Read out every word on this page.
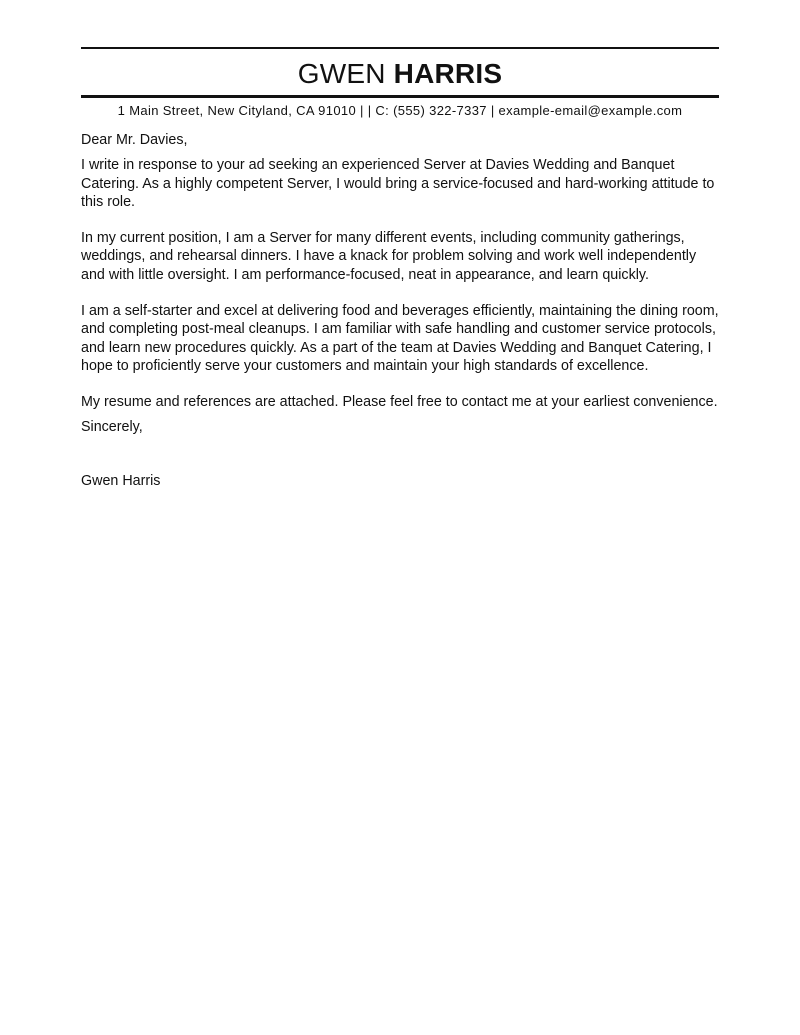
GWEN HARRIS
1 Main Street, New Cityland, CA 91010 | | C: (555) 322-7337 | example-email@example.com

Dear Mr. Davies,

I write in response to your ad seeking an experienced Server at Davies Wedding and Banquet Catering. As a highly competent Server, I would bring a service-focused and hard-working attitude to this role.

In my current position, I am a Server for many different events, including community gatherings, weddings, and rehearsal dinners. I have a knack for problem solving and work well independently and with little oversight. I am performance-focused, neat in appearance, and learn quickly.

I am a self-starter and excel at delivering food and beverages efficiently, maintaining the dining room, and completing post-meal cleanups. I am familiar with safe handling and customer service protocols, and learn new procedures quickly. As a part of the team at Davies Wedding and Banquet Catering, I hope to proficiently serve your customers and maintain your high standards of excellence.

My resume and references are attached. Please feel free to contact me at your earliest convenience.

Sincerely,

Gwen Harris
